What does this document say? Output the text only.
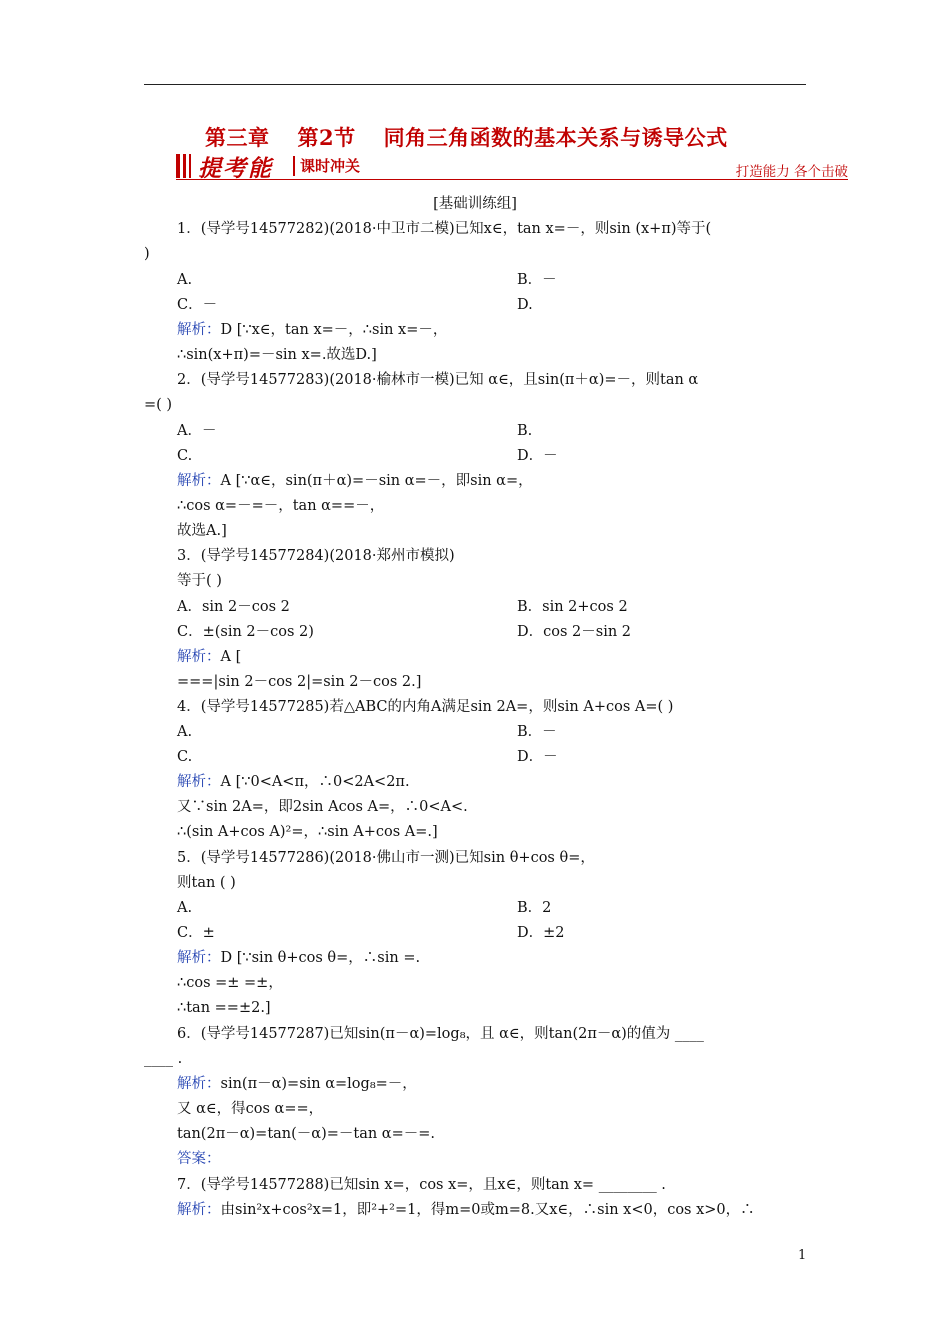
第三章 第2节 同角三角函数的基本关系与诱导公式
提考能 课时冲关	打造能力 各个击破
[基础训练组]
1．(导学号14577282)(2018·中卫市二模)已知x∈，tan x=－，则sin (x+π)等于(
)
A.	B．－
C．－	D.
解析：D [∵x∈，tan x=－，∴sin x=－，
∴sin(x+π)=－sin x=.故选D.]
2．(导学号14577283)(2018·榆林市一模)已知 α∈，且sin(π＋α)=－，则tan α
=( )
A．－	B.
C.	D．－
解析：A [∵α∈，sin(π＋α)=－sin α=－，即sin α=，
∴cos α=－=－，tan α==－，
故选A.]
3．(导学号14577284)(2018·郑州市模拟)
等于( )
A．sin 2－cos 2	B．sin 2+cos 2
C．±(sin 2－cos 2)	D．cos 2－sin 2
解析：A [
===|sin 2－cos 2|=sin 2－cos 2.]
4．(导学号14577285)若△ABC的内角A满足sin 2A=，则sin A+cos A=( )
A.	B．－
C.	D．－
解析：A [∵0<A<π，∴0<2A<2π.
又∵sin 2A=，即2sin Acos A=，∴0<A<.
∴(sin A+cos A)²=，∴sin A+cos A=.]
5．(导学号14577286)(2018·佛山市一测)已知sin θ+cos θ=，
则tan ( )
A.	B．2
C．±	D．±2
解析：D [∵sin θ+cos θ=，∴sin =.
∴cos =± =±，
∴tan ==±2.]
6．(导学号14577287)已知sin(π－α)=log₈，且 α∈，则tan(2π－α)的值为 ____
____ .
解析：sin(π－α)=sin α=log₈=－，
又 α∈，得cos α==，
tan(2π－α)=tan(－α)=－tan α=－=.
答案：
7．(导学号14577288)已知sin x=，cos x=，且x∈，则tan x= ________ .
解析：由sin²x+cos²x=1，即²+²=1，得m=0或m=8.又x∈，∴sin x<0，cos x>0，∴
1
